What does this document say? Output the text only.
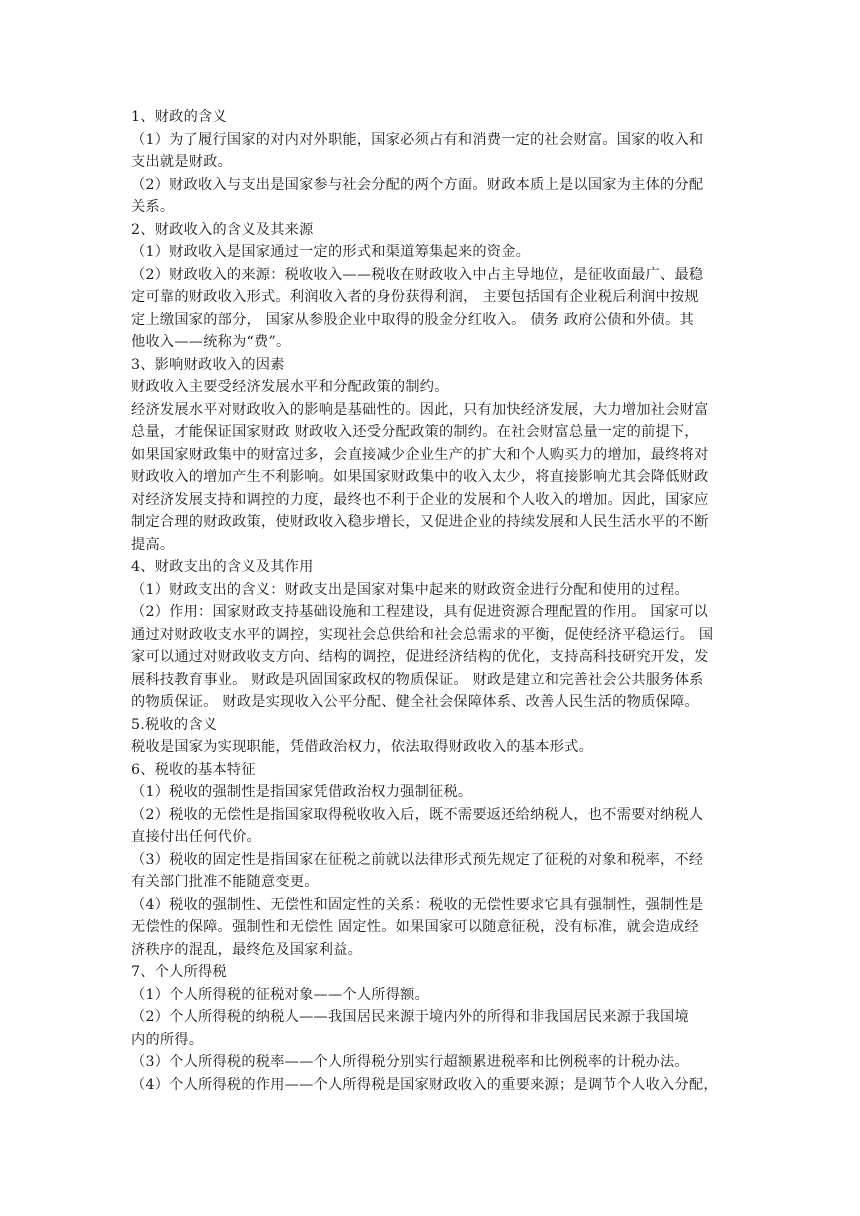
1、财政的含义
（1）为了履行国家的对内对外职能，国家必须占有和消费一定的社会财富。国家的收入和
支出就是财政。
（2）财政收入与支出是国家参与社会分配的两个方面。财政本质上是以国家为主体的分配
关系。
2、财政收入的含义及其来源
（1）财政收入是国家通过一定的形式和渠道筹集起来的资金。
（2）财政收入的来源：税收收入——税收在财政收入中占主导地位，是征收面最广、最稳
定可靠的财政收入形式。利润收入者的身份获得利润， 主要包括国有企业税后利润中按规
定上缴国家的部分， 国家从参股企业中取得的股金分红收入。 债务 政府公债和外债。其
他收入——统称为“费”。
3、影响财政收入的因素
财政收入主要受经济发展水平和分配政策的制约。
经济发展水平对财政收入的影响是基础性的。因此，只有加快经济发展，大力增加社会财富
总量，才能保证国家财政 财政收入还受分配政策的制约。在社会财富总量一定的前提下，
如果国家财政集中的财富过多，会直接减少企业生产的扩大和个人购买力的增加，最终将对
财政收入的增加产生不利影响。如果国家财政集中的收入太少，将直接影响尤其会降低财政
对经济发展支持和调控的力度，最终也不利于企业的发展和个人收入的增加。因此，国家应
制定合理的财政政策，使财政收入稳步增长，又促进企业的持续发展和人民生活水平的不断
提高。
4、财政支出的含义及其作用
（1）财政支出的含义：财政支出是国家对集中起来的财政资金进行分配和使用的过程。
（2）作用：国家财政支持基础设施和工程建设，具有促进资源合理配置的作用。 国家可以
通过对财政收支水平的调控，实现社会总供给和社会总需求的平衡，促使经济平稳运行。 国
家可以通过对财政收支方向、结构的调控，促进经济结构的优化，支持高科技研究开发，发
展科技教育事业。 财政是巩固国家政权的物质保证。 财政是建立和完善社会公共服务体系
的物质保证。 财政是实现收入公平分配、健全社会保障体系、改善人民生活的物质保障。
5.税收的含义
税收是国家为实现职能，凭借政治权力，依法取得财政收入的基本形式。
6、税收的基本特征
（1）税收的强制性是指国家凭借政治权力强制征税。
（2）税收的无偿性是指国家取得税收收入后，既不需要返还给纳税人，也不需要对纳税人
直接付出任何代价。
（3）税收的固定性是指国家在征税之前就以法律形式预先规定了征税的对象和税率，不经
有关部门批准不能随意变更。
（4）税收的强制性、无偿性和固定性的关系：税收的无偿性要求它具有强制性，强制性是
无偿性的保障。强制性和无偿性 固定性。如果国家可以随意征税，没有标准，就会造成经
济秩序的混乱，最终危及国家利益。
7、个人所得税
（1）个人所得税的征税对象——个人所得额。
（2）个人所得税的纳税人——我国居民来源于境内外的所得和非我国居民来源于我国境
内的所得。
（3）个人所得税的税率——个人所得税分别实行超额累进税率和比例税率的计税办法。
（4）个人所得税的作用——个人所得税是国家财政收入的重要来源；是调节个人收入分配，
